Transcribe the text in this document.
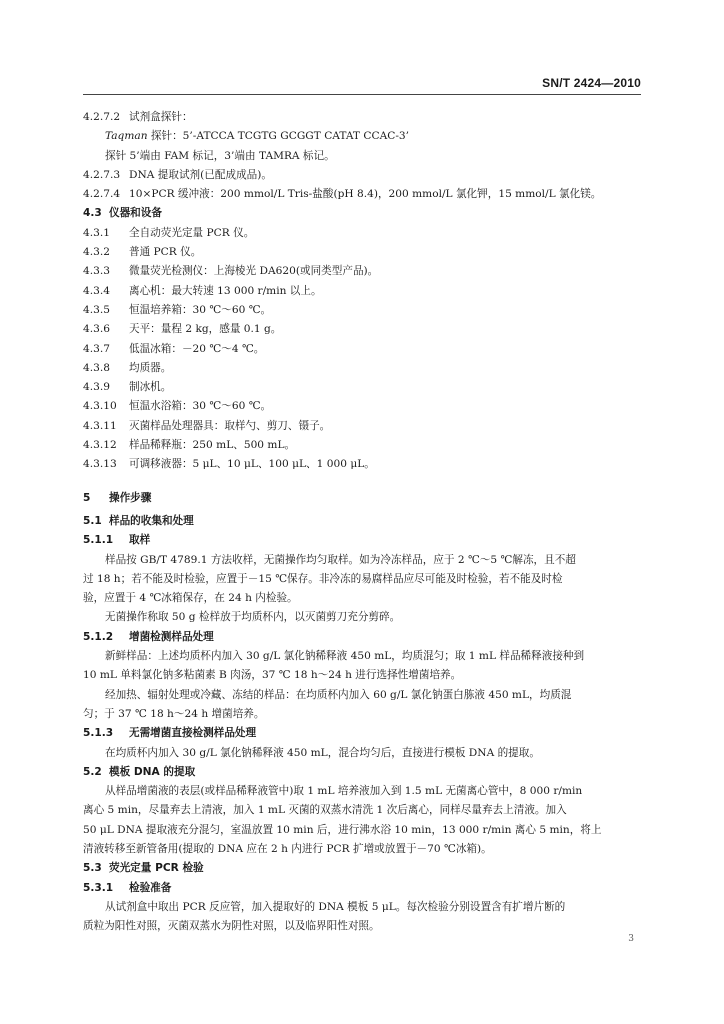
SN/T 2424—2010
4.2.7.2 试剂盒探针：
Taqman 探针：5’-ATCCA TCGTG GCGGT CATAT CCAC-3’
探针 5’端由 FAM 标记，3’端由 TAMRA 标记。
4.2.7.3 DNA 提取试剂(已配成成品)。
4.2.7.4 10×PCR 缓冲液：200 mmol/L Tris-盐酸(pH 8.4)，200 mmol/L 氯化钾，15 mmol/L 氯化镁。
4.3 仪器和设备
4.3.1 全自动荧光定量 PCR 仪。
4.3.2 普通 PCR 仪。
4.3.3 微量荧光检测仪：上海棱光 DA620(或同类型产品)。
4.3.4 离心机：最大转速 13 000 r/min 以上。
4.3.5 恒温培养箱：30 ℃～60 ℃。
4.3.6 天平：量程 2 kg，感量 0.1 g。
4.3.7 低温冰箱：－20 ℃～4 ℃。
4.3.8 均质器。
4.3.9 制冰机。
4.3.10 恒温水浴箱：30 ℃～60 ℃。
4.3.11 灭菌样品处理器具：取样勺、剪刀、镊子。
4.3.12 样品稀释瓶：250 mL、500 mL。
4.3.13 可调移液器：5 μL、10 μL、100 μL、1 000 μL。
5 操作步骤
5.1 样品的收集和处理
5.1.1 取样
样品按 GB/T 4789.1 方法收样，无菌操作均匀取样。如为冷冻样品，应于 2 ℃～5 ℃解冻，且不超
过 18 h；若不能及时检验，应置于－15 ℃保存。非冷冻的易腐样品应尽可能及时检验，若不能及时检
验，应置于 4 ℃冰箱保存，在 24 h 内检验。
无菌操作称取 50 g 检样放于均质杯内，以灭菌剪刀充分剪碎。
5.1.2 增菌检测样品处理
新鲜样品：上述均质杯内加入 30 g/L 氯化钠稀释液 450 mL，均质混匀；取 1 mL 样品稀释液接种到
10 mL 单料氯化钠多粘菌素 B 肉汤，37 ℃ 18 h～24 h 进行选择性增菌培养。
经加热、辐射处理或冷藏、冻结的样品：在均质杯内加入 60 g/L 氯化钠蛋白胨液 450 mL，均质混
匀；于 37 ℃ 18 h～24 h 增菌培养。
5.1.3 无需增菌直接检测样品处理
在均质杯内加入 30 g/L 氯化钠稀释液 450 mL，混合均匀后，直接进行模板 DNA 的提取。
5.2 模板 DNA 的提取
从样品增菌液的表层(或样品稀释液管中)取 1 mL 培养液加入到 1.5 mL 无菌离心管中，8 000 r/min
离心 5 min，尽量弃去上清液，加入 1 mL 灭菌的双蒸水清洗 1 次后离心，同样尽量弃去上清液。加入
50 μL DNA 提取液充分混匀，室温放置 10 min 后，进行沸水浴 10 min，13 000 r/min 离心 5 min，将上
清液转移至新管备用(提取的 DNA 应在 2 h 内进行 PCR 扩增或放置于－70 ℃冰箱)。
5.3 荧光定量 PCR 检验
5.3.1 检验准备
从试剂盒中取出 PCR 反应管，加入提取好的 DNA 模板 5 μL。每次检验分别设置含有扩增片断的
质粒为阳性对照，灭菌双蒸水为阴性对照，以及临界阳性对照。
3
